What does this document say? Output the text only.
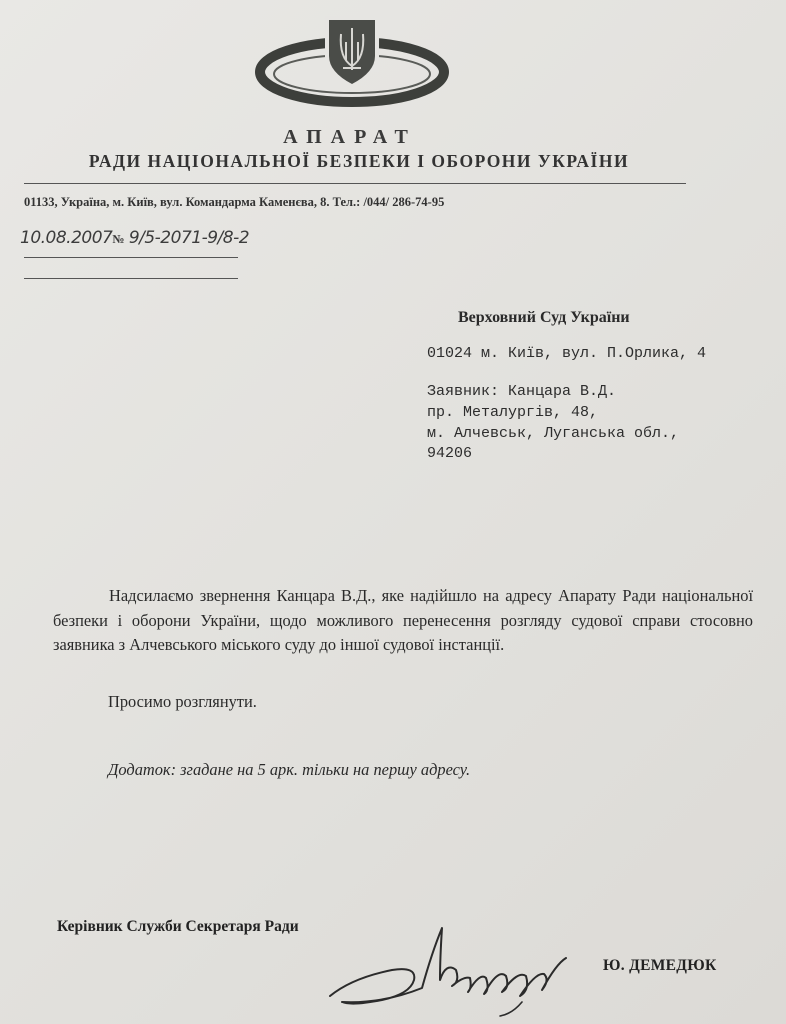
АПАРАТ
РАДИ НАЦІОНАЛЬНОЇ БЕЗПЕКИ І ОБОРОНИ УКРАЇНИ
01133, Україна, м. Київ, вул. Командарма Каменєва, 8. Тел.: /044/ 286-74-95
10.08.2007№ 9/5-2071-9/8-2
Верховний Суд України
01024 м. Київ, вул. П.Орлика, 4
Заявник: Канцара В.Д.
пр. Металургів, 48,
м. Алчевськ, Луганська обл.,
94206

Надсилаємо звернення Канцара В.Д., яке надійшло на адресу Апарату Ради національної безпеки і оборони України, щодо можливого перенесення розгляду судової справи стосовно заявника з Алчевського міського суду до іншої судової інстанції.

Просимо розглянути.
Додаток: згадане на 5 арк. тільки на першу адресу.
Керівник Служби Секретаря Ради
Ю. ДЕМЕДЮК
